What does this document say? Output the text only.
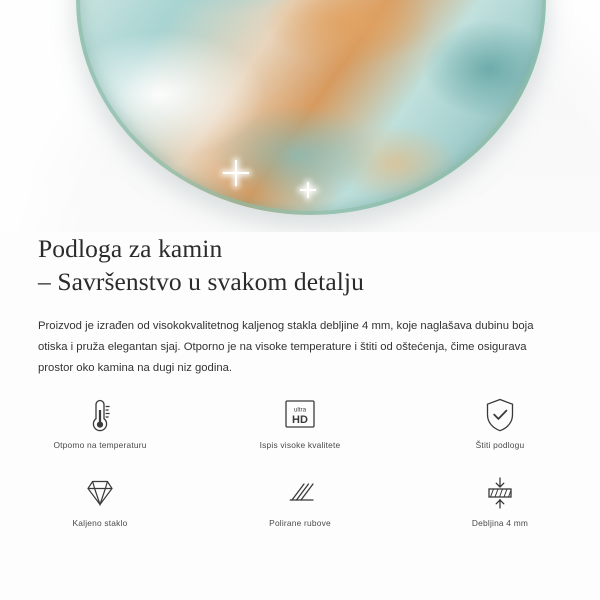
Podloga za kamin
– Savršenstvo u svakom detalju

Proizvod je izrađen od visokokvalitetnog kaljenog stakla debljine 4 mm, koje naglašava dubinu boja otiska i pruža elegantan sjaj. Otporno je na visoke temperature i štiti od oštećenja, čime osigurava prostor oko kamina na dugi niz godina.

Otpomo na temperaturu
ultra
HD
Ispis visoke kvalitete	Štiti podlogu
Kaljeno staklo	Polirane rubove	Debljina 4 mm
